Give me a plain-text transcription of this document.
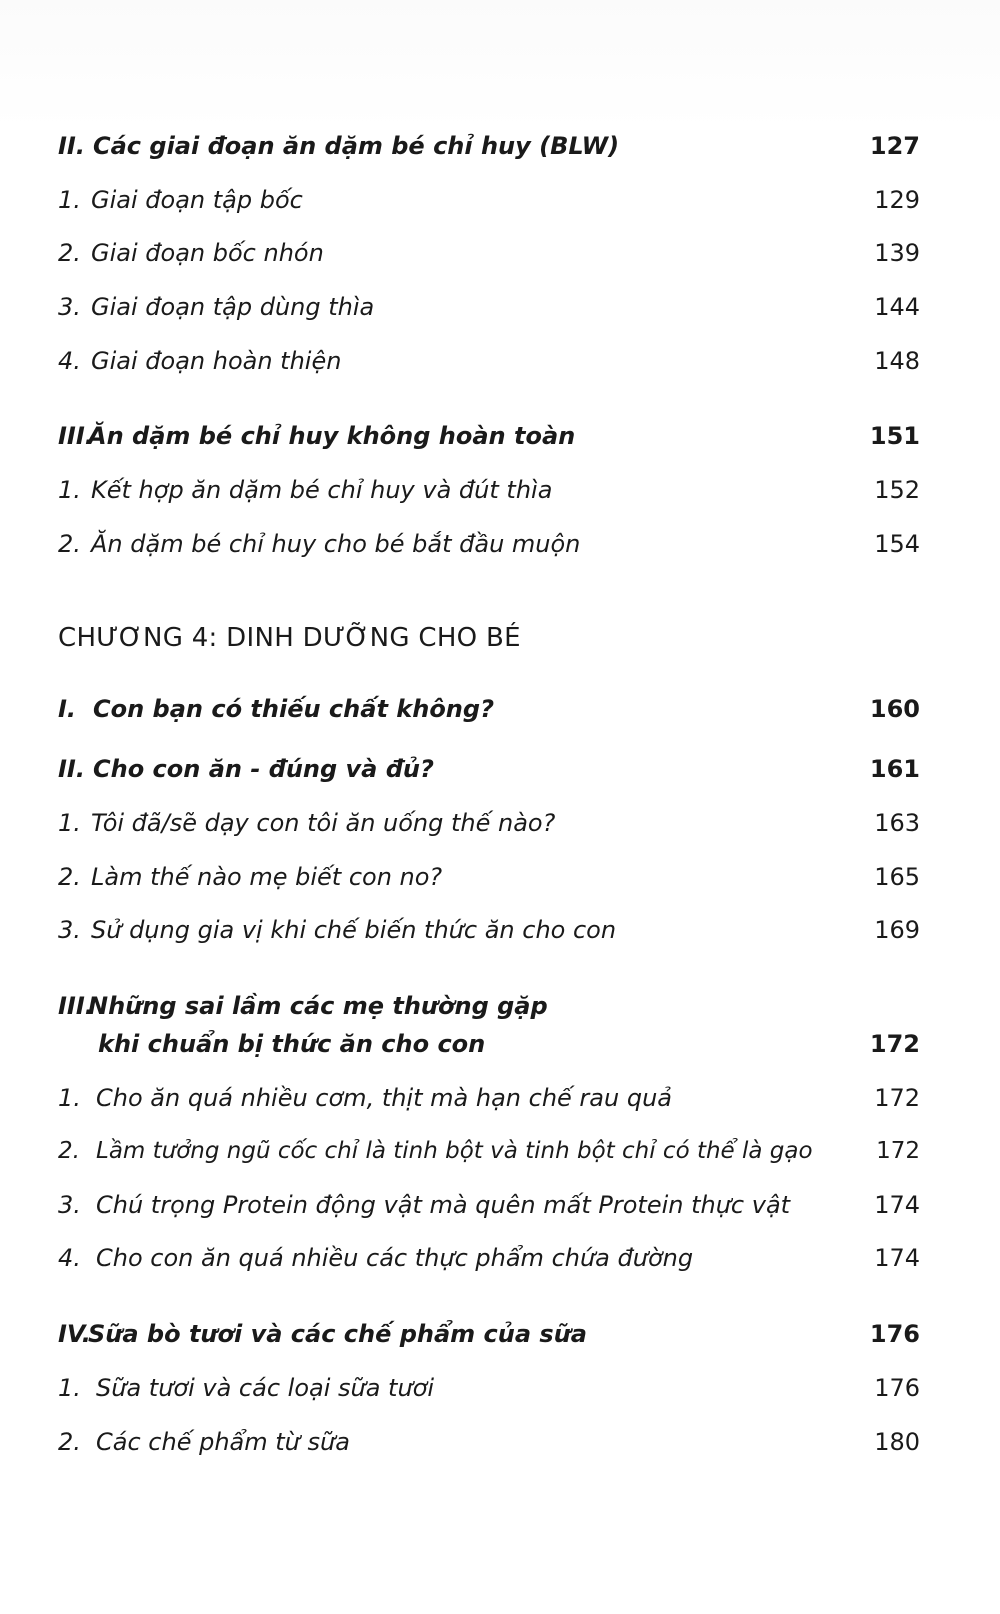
II. Các giai đoạn ăn dặm bé chỉ huy (BLW)	127
1. Giai đoạn tập bốc	129
2. Giai đoạn bốc nhón	139
3. Giai đoạn tập dùng thìa	144
4. Giai đoạn hoàn thiện	148
III.
Ăn dặm bé chỉ huy không hoàn toàn	151
1. Kết hợp ăn dặm bé chỉ huy và đút thìa	152
2. Ăn dặm bé chỉ huy cho bé bắt đầu muộn	154
CHƯƠNG 4: DINH DƯỠNG CHO BÉ
I. Con bạn có thiếu chất không?	160
II. Cho con ăn - đúng và đủ?	161
1. Tôi đã/sẽ dạy con tôi ăn uống thế nào?	163
2. Làm thế nào mẹ biết con no?	165
3. Sử dụng gia vị khi chế biến thức ăn cho con	169
III.
Những sai lầm các mẹ thường gặp
khi chuẩn bị thức ăn cho con	172
1. Cho ăn quá nhiều cơm, thịt mà hạn chế rau quả	172
2. Lầm tưởng ngũ cốc chỉ là tinh bột và tinh bột chỉ có thể là gạo	172
3. Chú trọng Protein động vật mà quên mất Protein thực vật	174
4. Cho con ăn quá nhiều các thực phẩm chứa đường	174
IV.
Sữa bò tươi và các chế phẩm của sữa	176
1. Sữa tươi và các loại sữa tươi	176
2. Các chế phẩm từ sữa	180
